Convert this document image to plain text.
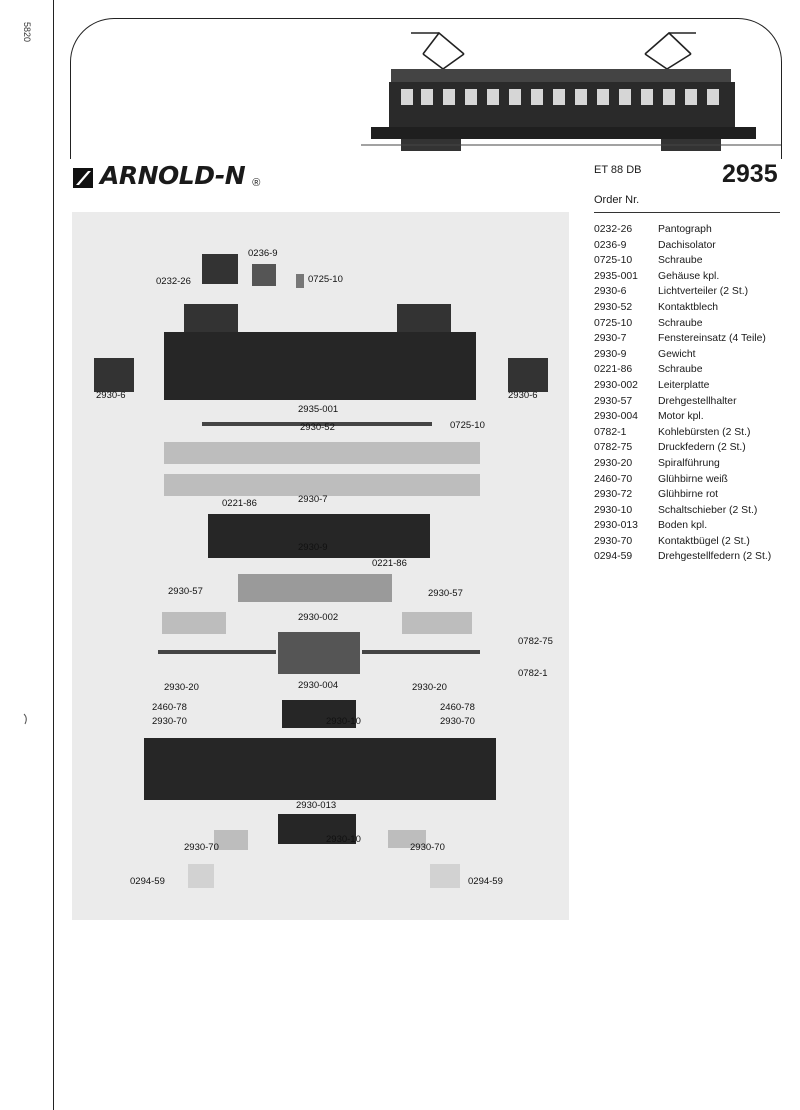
5820
ARNOLD-N ®
ET 88 DB	2935
Order Nr.
0232-26	Pantograph
0236-9	Dachisolator
0725-10	Schraube
2935-001	Gehäuse kpl.
2930-6	Lichtverteiler (2 St.)
2930-52	Kontaktblech
0725-10	Schraube
2930-7	Fenstereinsatz (4 Teile)
2930-9	Gewicht
0221-86	Schraube
2930-002	Leiterplatte
2930-57	Drehgestellhalter
2930-004	Motor kpl.
0782-1	Kohlebürsten (2 St.)
0782-75	Druckfedern (2 St.)
2930-20	Spiralführung
2460-70	Glühbirne weiß
2930-72	Glühbirne rot
2930-10	Schaltschieber (2 St.)
2930-013	Boden kpl.
2930-70	Kontaktbügel (2 St.)
0294-59	Drehgestellfedern (2 St.)
0236-9
0232-26	0725-10
2930-6
2935-001
2930-6
2930-52	0725-10
0221-86	2930-7
2930-9
0221-86
2930-57
2930-002
2930-57
0782-75
2930-004
0782-1
2930-20	2930-20
2460-78	2460-78
2930-70	2930-10	2930-70
2930-013
2930-70
2930-10
2930-70
0294-59	0294-59
